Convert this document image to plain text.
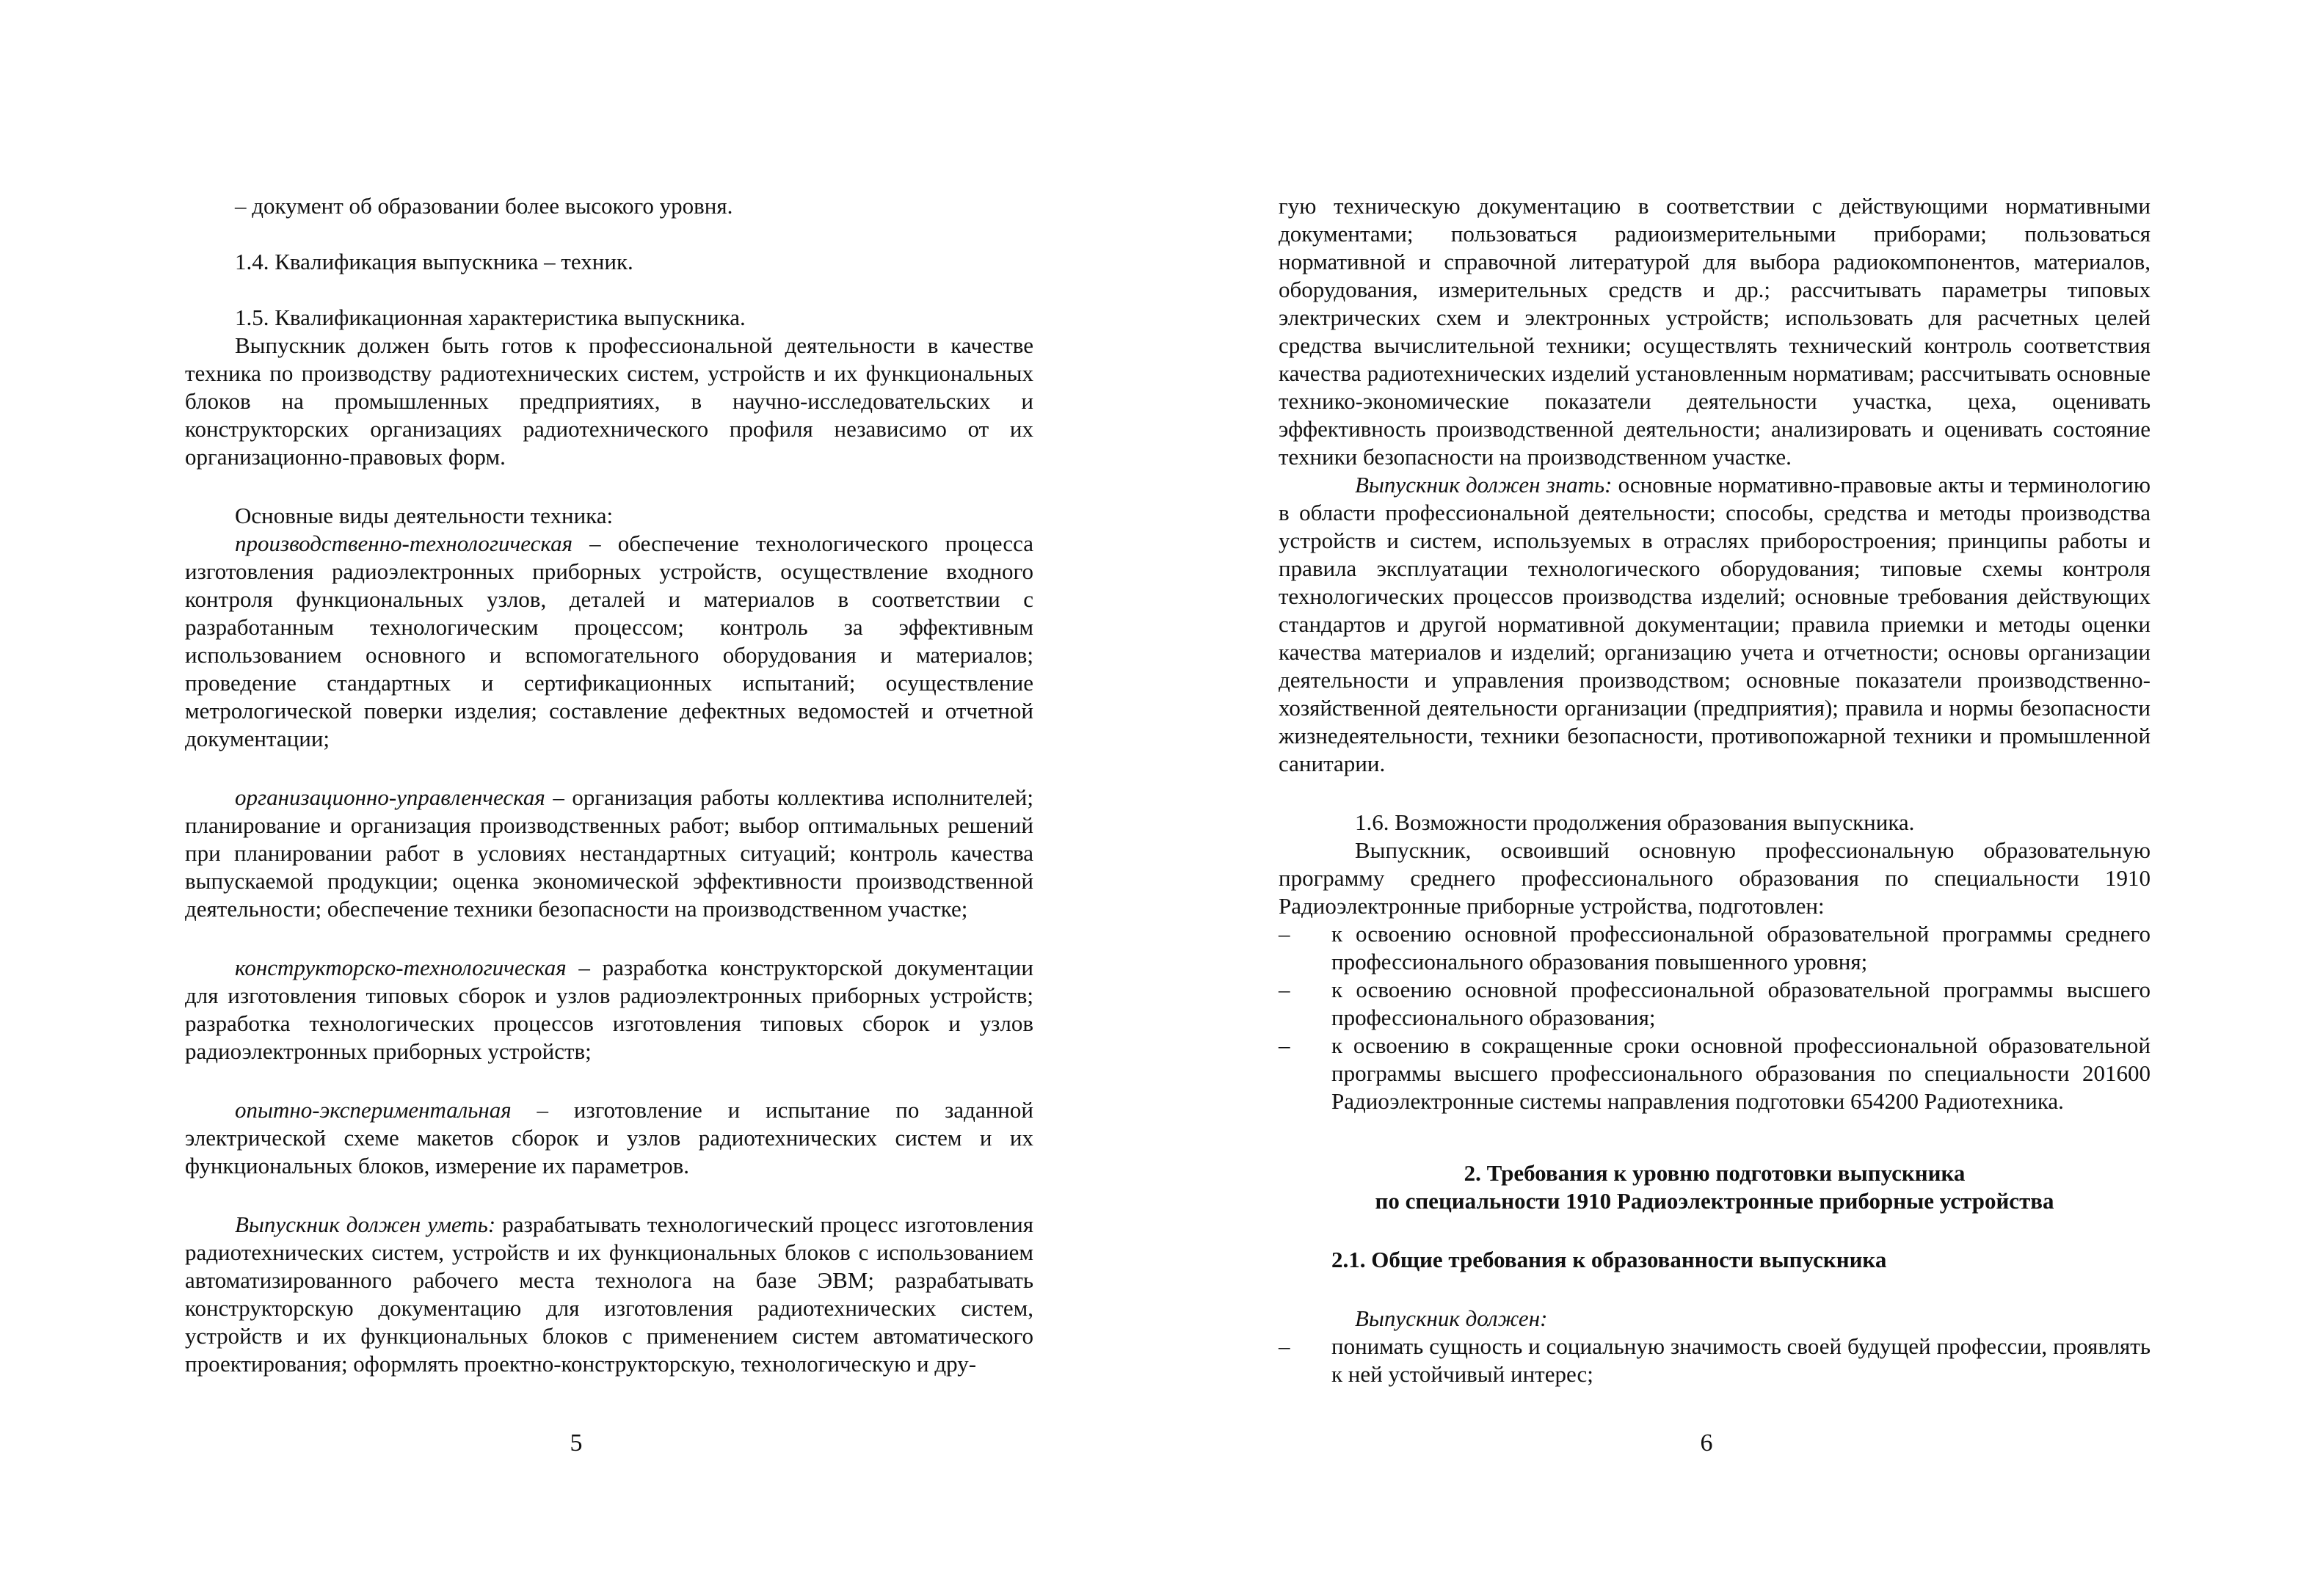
– документ об образовании более высокого уровня.

1.4. Квалификация выпускника – техник.

1.5. Квалификационная характеристика выпускника.

Выпускник должен быть готов к профессиональной деятельности в качестве техника по производству радиотехнических систем, устройств и их функциональных блоков на промышленных предприятиях, в научно-исследовательских и конструкторских организациях радиотехнического профиля независимо от их организационно-правовых форм.

Основные виды деятельности техника:

производственно-технологическая – обеспечение технологического процесса изготовления радиоэлектронных приборных устройств, осуществление входного контроля функциональных узлов, деталей и материалов в соответствии с разработанным технологическим процессом; контроль за эффективным использованием основного и вспомогательного оборудования и материалов; проведение стандартных и сертификационных испытаний; осуществление метрологической поверки изделия; составление дефектных ведомостей и отчетной документации;

организационно-управленческая – организация работы коллектива исполнителей; планирование и организация производственных работ; выбор оптимальных решений при планировании работ в условиях нестандартных ситуаций; контроль качества выпускаемой продукции; оценка экономической эффективности производственной деятельности; обеспечение техники безопасности на производственном участке;

конструкторско-технологическая – разработка конструкторской документации для изготовления типовых сборок и узлов радиоэлектронных приборных устройств; разработка технологических процессов изготовления типовых сборок и узлов радиоэлектронных приборных устройств;

опытно-экспериментальная – изготовление и испытание по заданной электрической схеме макетов сборок и узлов радиотехнических систем и их функциональных блоков, измерение их параметров.

Выпускник должен уметь: разрабатывать технологический процесс изготовления радиотехнических систем, устройств и их функциональных блоков с использованием автоматизированного рабочего места технолога на базе ЭВМ; разрабатывать конструкторскую документацию для изготовления радиотехнических систем, устройств и их функциональных блоков с применением систем автоматического проектирования; оформлять проектно-конструкторскую, технологическую и дру-

5

гую техническую документацию в соответствии с действующими нормативными документами; пользоваться радиоизмерительными приборами; пользоваться нормативной и справочной литературой для выбора радиокомпонентов, материалов, оборудования, измерительных средств и др.; рассчитывать параметры типовых электрических схем и электронных устройств; использовать для расчетных целей средства вычислительной техники; осуществлять технический контроль соответствия качества радиотехнических изделий установленным нормативам; рассчитывать основные технико-экономические показатели деятельности участка, цеха, оценивать эффективность производственной деятельности; анализировать и оценивать состояние техники безопасности на производственном участке.

Выпускник должен знать: основные нормативно-правовые акты и терминологию в области профессиональной деятельности; способы, средства и методы производства устройств и систем, используемых в отраслях приборостроения; принципы работы и правила эксплуатации технологического оборудования; типовые схемы контроля технологических процессов производства изделий; основные требования действующих стандартов и другой нормативной документации; правила приемки и методы оценки качества материалов и изделий; организацию учета и отчетности; основы организации деятельности и управления производством; основные показатели производственно-хозяйственной деятельности организации (предприятия); правила и нормы безопасности жизнедеятельности, техники безопасности, противопожарной техники и промышленной санитарии.

1.6. Возможности продолжения образования выпускника.

Выпускник, освоивший основную профессиональную образовательную программу среднего профессионального образования по специальности 1910 Радиоэлектронные приборные устройства, подготовлен:

–	к освоению основной профессиональной образовательной программы среднего профессионального образования повышенного уровня;
–	к освоению основной профессиональной образовательной программы высшего профессионального образования;
–	к освоению в сокращенные сроки основной профессиональной образовательной программы высшего профессионального образования по специальности 201600 Радиоэлектронные системы направления подготовки 654200 Радиотехника.

2. Требования к уровню подготовки выпускника

по специальности 1910 Радиоэлектронные приборные устройства

2.1. Общие требования к образованности выпускника

Выпускник должен:

–	понимать сущность и социальную значимость своей будущей профессии, проявлять к ней устойчивый интерес;
6
